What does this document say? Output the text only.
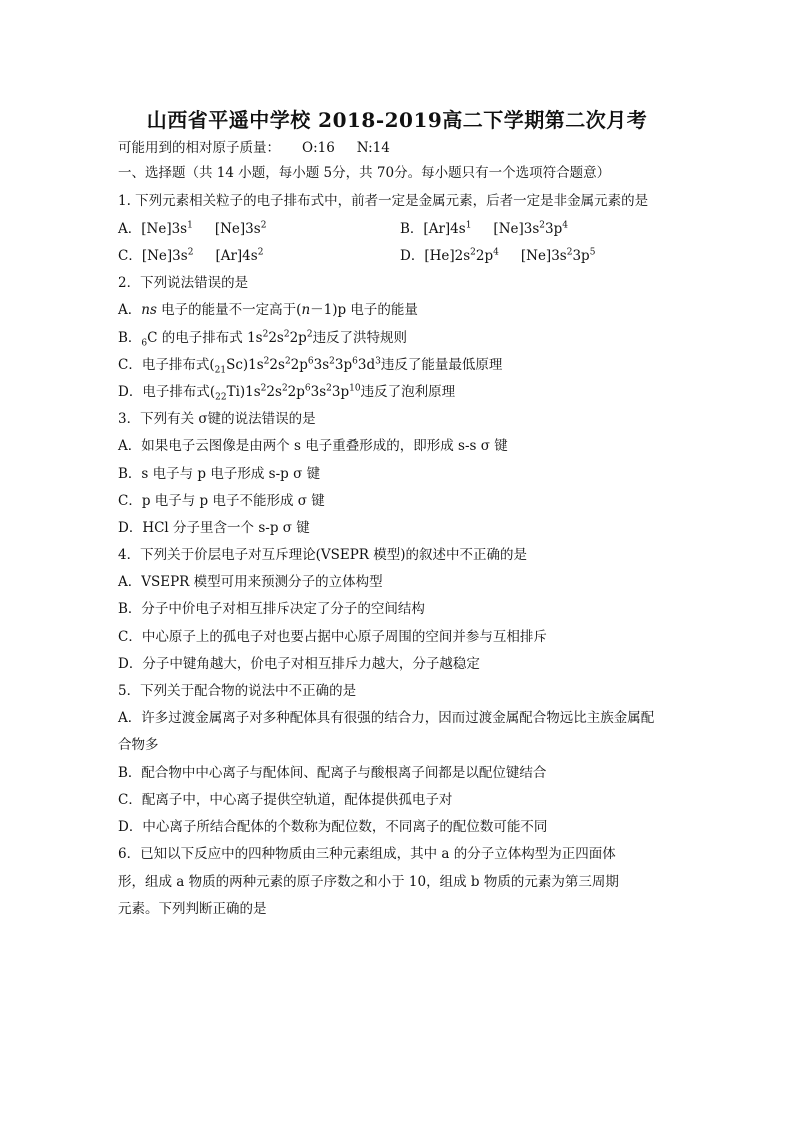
山西省平遥中学校 2018-2019高二下学期第二次月考
可能用到的相对原子质量： O:16 N:14
一、选择题（共 14 小题，每小题 5分，共 70分。每小题只有一个选项符合题意）
1. 下列元素相关粒子的电子排布式中，前者一定是金属元素，后者一定是非金属元素的是
A．$[Ne]3s^1$ $[Ne]3s^2$	B．$[Ar]4s^1$ $[Ne]3s^23p^4$
C．$[Ne]3s^2$ $[Ar]4s^2$	D．$[He]2s^22p^4$ $[Ne]3s^23p^5$
2．下列说法错误的是
A．ns 电子的能量不一定高于(n－1)p 电子的能量
B．$_6$C 的电子排布式 $1s^22s^22p^2$违反了洪特规则
C．电子排布式$(_{21}Sc)1s^22s^22p^63s^23p^63d^3$违反了能量最低原理
D．电子排布式$(_{22}Ti)1s^22s^22p^63s^23p^{10}$违反了泡利原理
3．下列有关 σ键的说法错误的是
A．如果电子云图像是由两个 s 电子重叠形成的，即形成 s-s σ 键
B．s 电子与 p 电子形成 s-p σ 键
C．p 电子与 p 电子不能形成 σ 键
D．HCl 分子里含一个 s-p σ 键
4．下列关于价层电子对互斥理论(VSEPR 模型)的叙述中不正确的是
A．VSEPR 模型可用来预测分子的立体构型
B．分子中价电子对相互排斥决定了分子的空间结构
C．中心原子上的孤电子对也要占据中心原子周围的空间并参与互相排斥
D．分子中键角越大，价电子对相互排斥力越大，分子越稳定
5．下列关于配合物的说法中不正确的是
A．许多过渡金属离子对多种配体具有很强的结合力，因而过渡金属配合物远比主族金属配
合物多
B．配合物中中心离子与配体间、配离子与酸根离子间都是以配位键结合
C．配离子中，中心离子提供空轨道，配体提供孤电子对
D．中心离子所结合配体的个数称为配位数，不同离子的配位数可能不同
6．已知以下反应中的四种物质由三种元素组成，其中 a 的分子立体构型为正四面体
形，组成 a 物质的两种元素的原子序数之和小于 10，组成 b 物质的元素为第三周期
元素。下列判断正确的是
